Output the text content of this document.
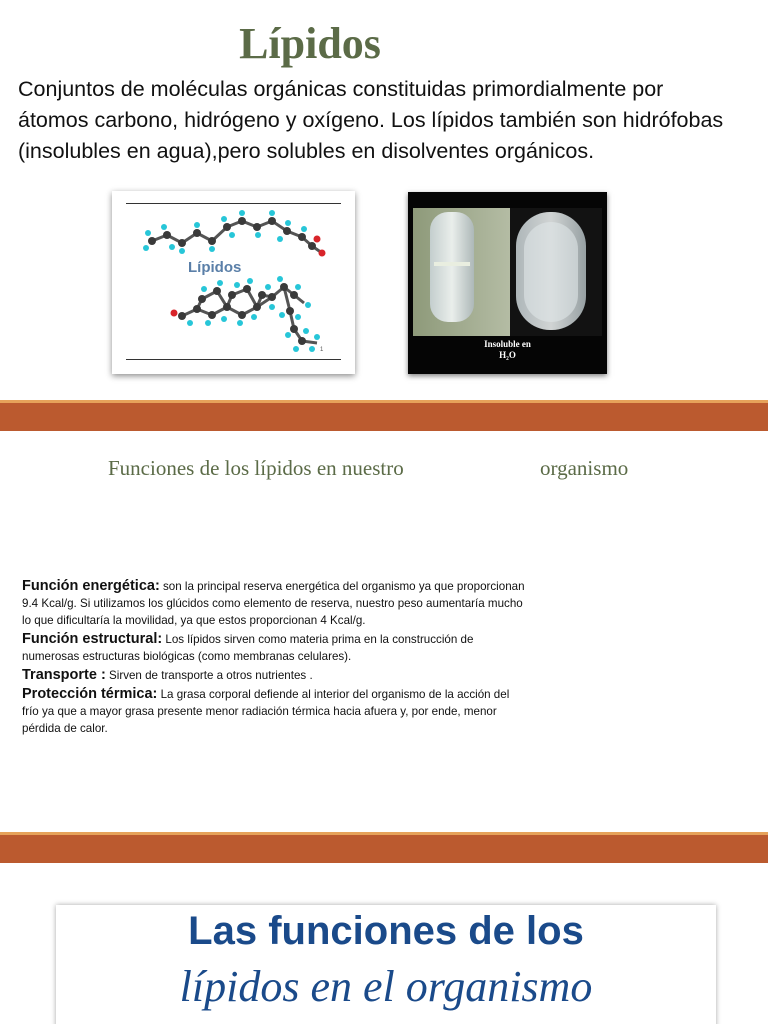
Lípidos
Conjuntos de moléculas orgánicas constituidas primordialmente por átomos carbono, hidrógeno y oxígeno. Los lípidos también son hidrófobas (insolubles en agua),pero solubles en disolventes orgánicos.
Lípidos
1
Insoluble en
H₂O
Funciones de los lípidos en nuestro	organismo

Función energética: son la principal reserva energética del organismo ya que proporcionan 9.4 Kcal/g. Si utilizamos los glúcidos como elemento de reserva, nuestro peso aumentaría mucho lo que dificultaría la movilidad, ya que estos proporcionan 4 Kcal/g.

Función estructural: Los lípidos sirven como materia prima en la construcción de numerosas estructuras biológicas (como membranas celulares).

Transporte : Sirven de transporte a otros nutrientes .

Protección térmica: La grasa corporal defiende al interior del organismo de la acción del frío ya que a mayor grasa presente menor radiación térmica hacia afuera y, por ende, menor pérdida de calor.

Las funciones de los
lípidos en el organismo
